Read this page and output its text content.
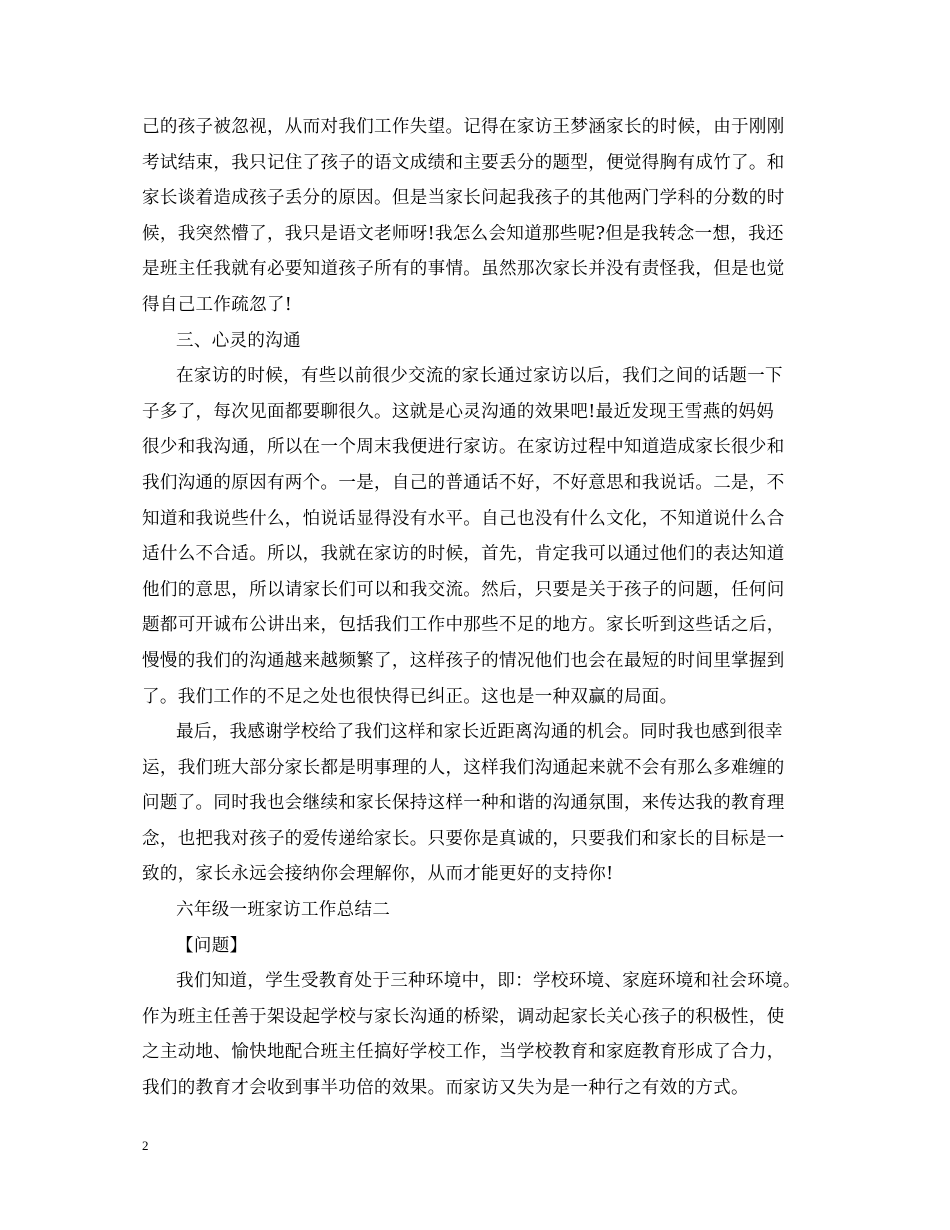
己的孩子被忽视，从而对我们工作失望。记得在家访王梦涵家长的时候，由于刚刚
考试结束，我只记住了孩子的语文成绩和主要丢分的题型，便觉得胸有成竹了。和
家长谈着造成孩子丢分的原因。但是当家长问起我孩子的其他两门学科的分数的时
候，我突然懵了，我只是语文老师呀!我怎么会知道那些呢?但是我转念一想，我还
是班主任我就有必要知道孩子所有的事情。虽然那次家长并没有责怪我，但是也觉
得自己工作疏忽了!
三、心灵的沟通
在家访的时候，有些以前很少交流的家长通过家访以后，我们之间的话题一下
子多了，每次见面都要聊很久。这就是心灵沟通的效果吧!最近发现王雪燕的妈妈
很少和我沟通，所以在一个周末我便进行家访。在家访过程中知道造成家长很少和
我们沟通的原因有两个。一是，自己的普通话不好，不好意思和我说话。二是，不
知道和我说些什么，怕说话显得没有水平。自己也没有什么文化，不知道说什么合
适什么不合适。所以，我就在家访的时候，首先，肯定我可以通过他们的表达知道
他们的意思，所以请家长们可以和我交流。然后，只要是关于孩子的问题，任何问
题都可开诚布公讲出来，包括我们工作中那些不足的地方。家长听到这些话之后，
慢慢的我们的沟通越来越频繁了，这样孩子的情况他们也会在最短的时间里掌握到
了。我们工作的不足之处也很快得已纠正。这也是一种双赢的局面。
最后，我感谢学校给了我们这样和家长近距离沟通的机会。同时我也感到很幸
运，我们班大部分家长都是明事理的人，这样我们沟通起来就不会有那么多难缠的
问题了。同时我也会继续和家长保持这样一种和谐的沟通氛围，来传达我的教育理
念，也把我对孩子的爱传递给家长。只要你是真诚的，只要我们和家长的目标是一
致的，家长永远会接纳你会理解你，从而才能更好的支持你!
六年级一班家访工作总结二
【问题】
我们知道，学生受教育处于三种环境中，即：学校环境、家庭环境和社会环境。
作为班主任善于架设起学校与家长沟通的桥梁，调动起家长关心孩子的积极性，使
之主动地、愉快地配合班主任搞好学校工作，当学校教育和家庭教育形成了合力，
我们的教育才会收到事半功倍的效果。而家访又失为是一种行之有效的方式。
2
